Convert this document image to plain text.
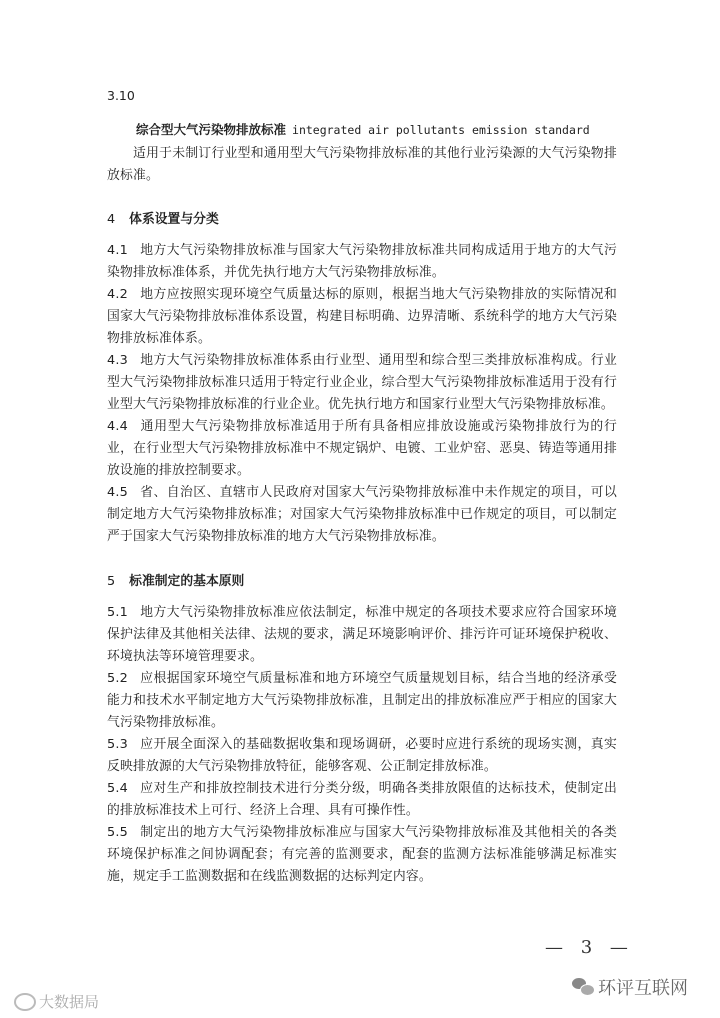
3.10
综合型大气污染物排放标准 integrated air pollutants emission standard
适用于未制订行业型和通用型大气污染物排放标准的其他行业污染源的大气污染物排放标准。
4 体系设置与分类
4.1 地方大气污染物排放标准与国家大气污染物排放标准共同构成适用于地方的大气污染物排放标准体系，并优先执行地方大气污染物排放标准。
4.2 地方应按照实现环境空气质量达标的原则，根据当地大气污染物排放的实际情况和国家大气污染物排放标准体系设置，构建目标明确、边界清晰、系统科学的地方大气污染物排放标准体系。
4.3 地方大气污染物排放标准体系由行业型、通用型和综合型三类排放标准构成。行业型大气污染物排放标准只适用于特定行业企业，综合型大气污染物排放标准适用于没有行业型大气污染物排放标准的行业企业。优先执行地方和国家行业型大气污染物排放标准。
4.4 通用型大气污染物排放标准适用于所有具备相应排放设施或污染物排放行为的行业，在行业型大气污染物排放标准中不规定锅炉、电镀、工业炉窑、恶臭、铸造等通用排放设施的排放控制要求。
4.5 省、自治区、直辖市人民政府对国家大气污染物排放标准中未作规定的项目，可以制定地方大气污染物排放标准；对国家大气污染物排放标准中已作规定的项目，可以制定严于国家大气污染物排放标准的地方大气污染物排放标准。
5 标准制定的基本原则
5.1 地方大气污染物排放标准应依法制定，标准中规定的各项技术要求应符合国家环境保护法律及其他相关法律、法规的要求，满足环境影响评价、排污许可证环境保护税收、环境执法等环境管理要求。
5.2 应根据国家环境空气质量标准和地方环境空气质量规划目标，结合当地的经济承受能力和技术水平制定地方大气污染物排放标准，且制定出的排放标准应严于相应的国家大气污染物排放标准。
5.3 应开展全面深入的基础数据收集和现场调研，必要时应进行系统的现场实测，真实反映排放源的大气污染物排放特征，能够客观、公正制定排放标准。
5.4 应对生产和排放控制技术进行分类分级，明确各类排放限值的达标技术，使制定出的排放标准技术上可行、经济上合理、具有可操作性。
5.5 制定出的地方大气污染物排放标准应与国家大气污染物排放标准及其他相关的各类环境保护标准之间协调配套；有完善的监测要求，配套的监测方法标准能够满足标准实施，规定手工监测数据和在线监测数据的达标判定内容。
— 3 —
环评互联网
大数据局
